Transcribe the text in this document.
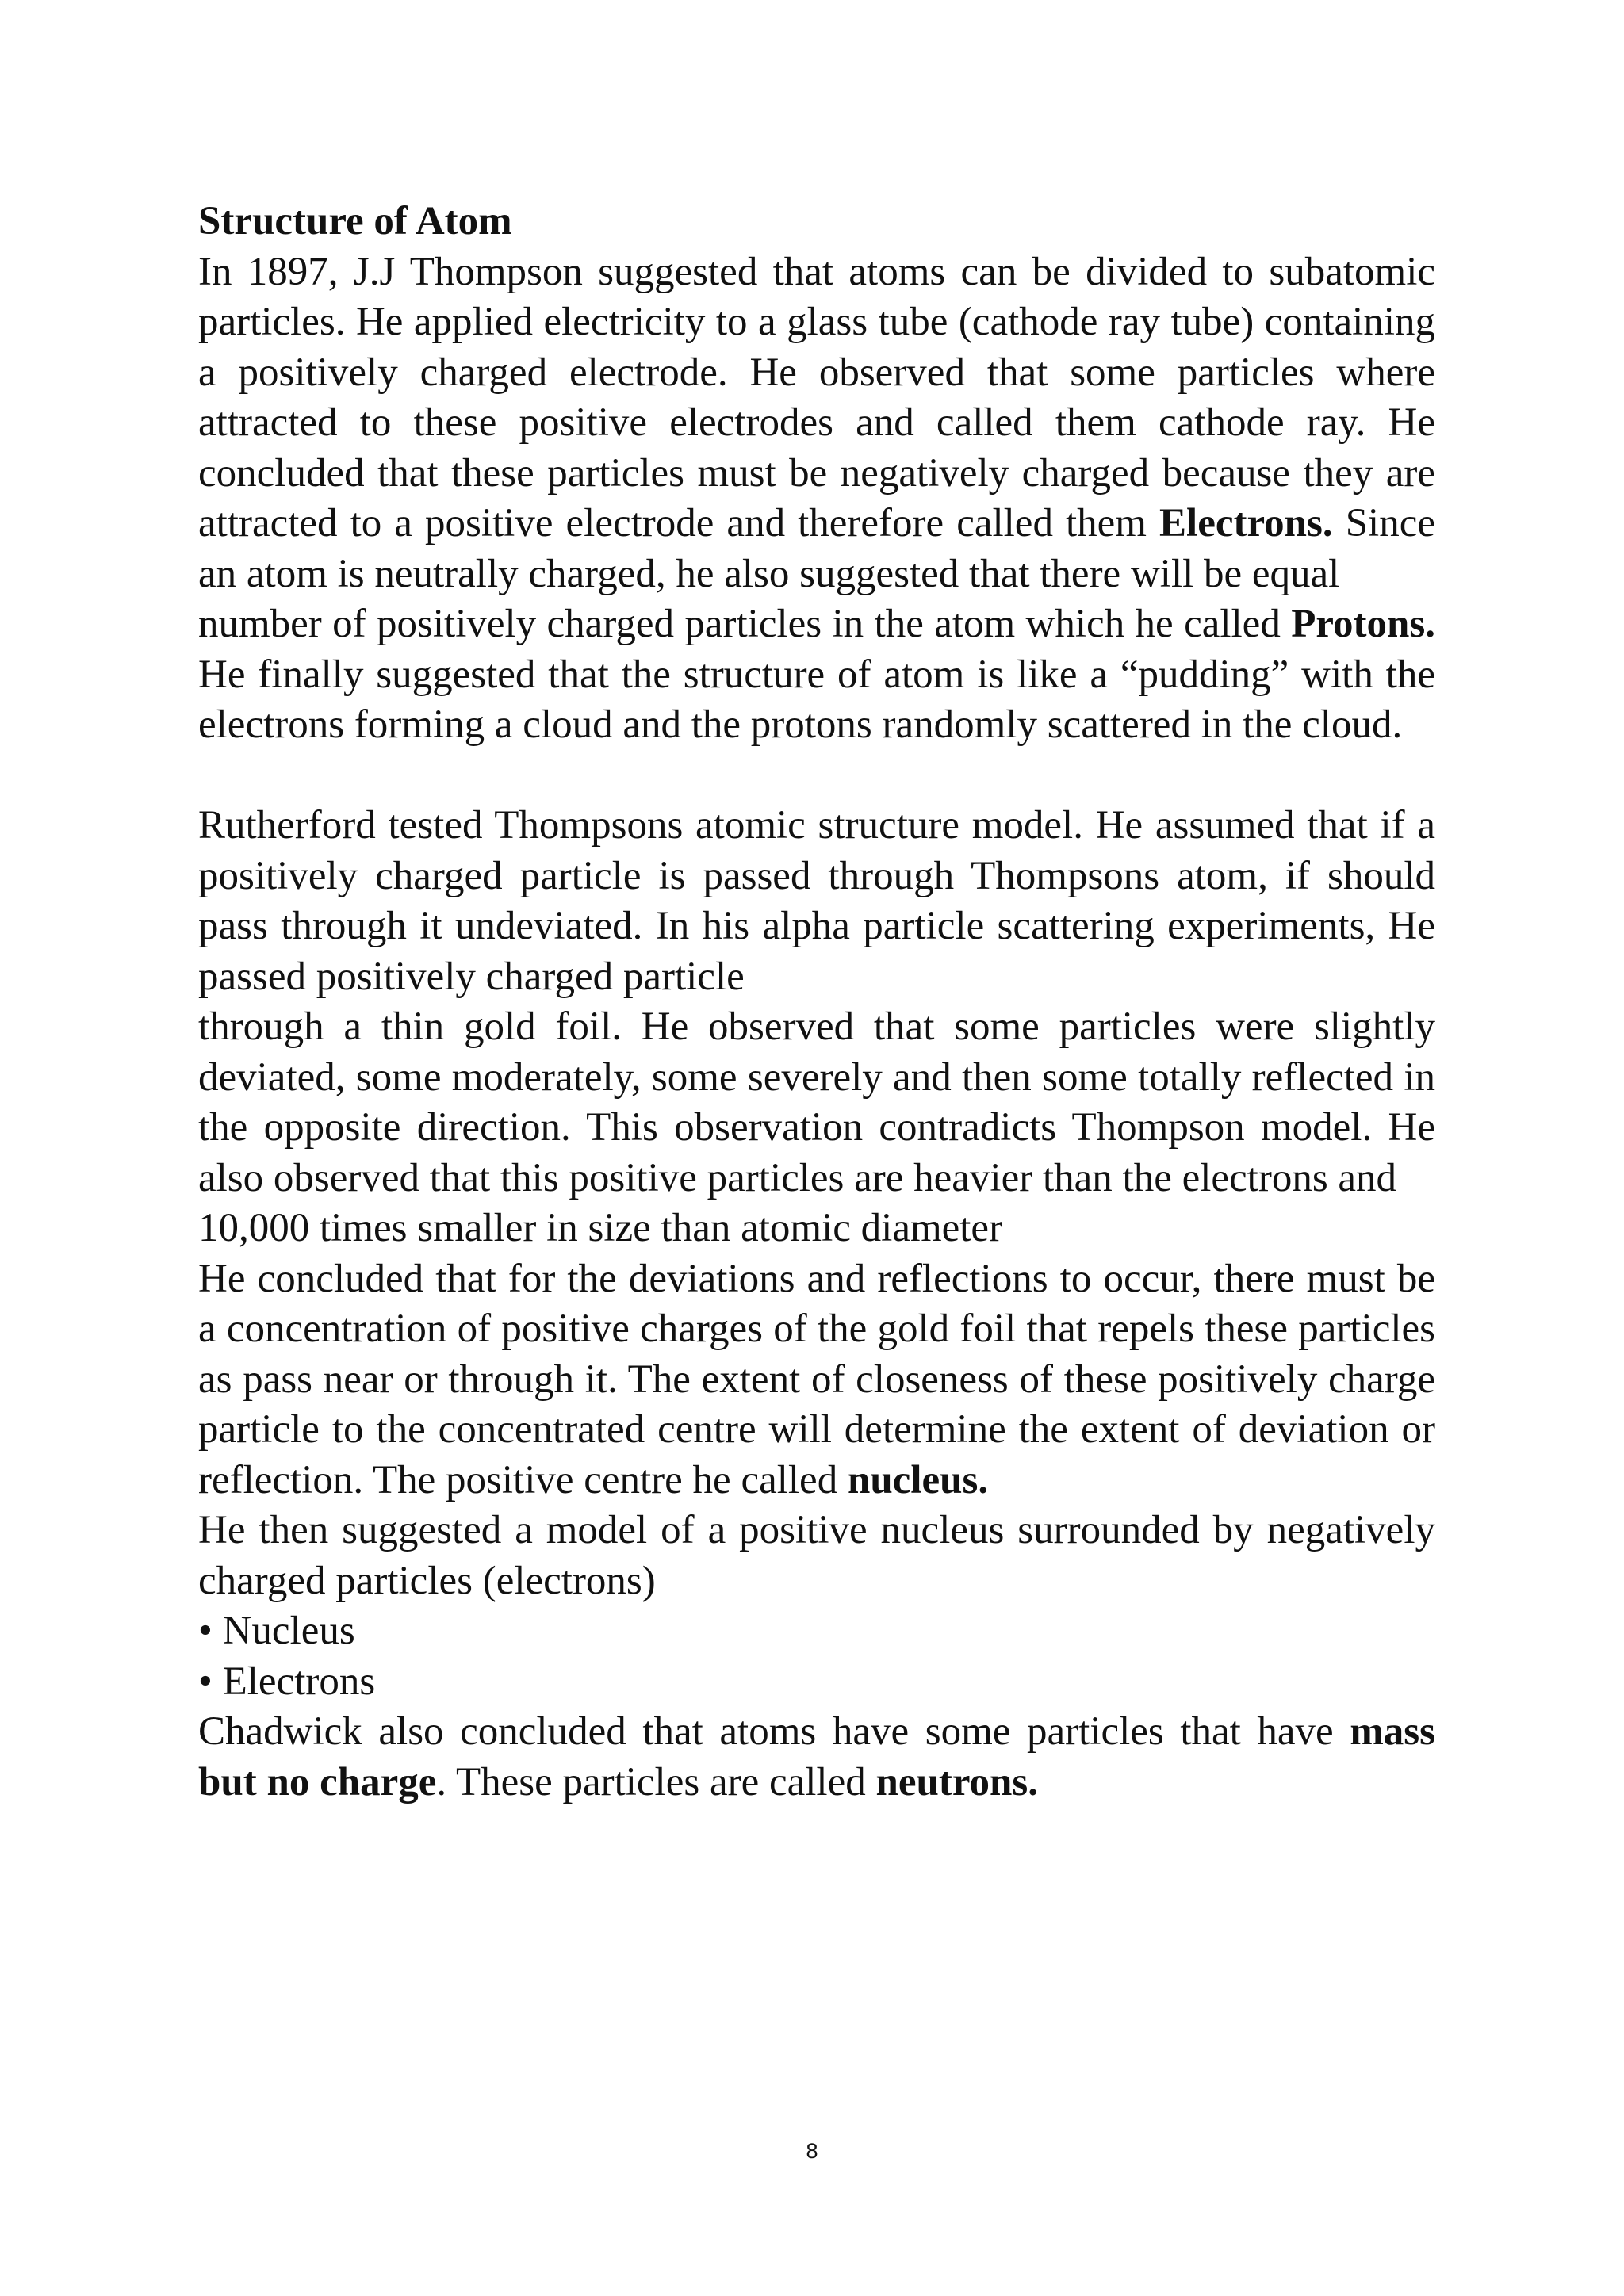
Structure of Atom

In 1897, J.J Thompson suggested that atoms can be divided to subatomic particles. He applied electricity to a glass tube (cathode ray tube) containing a positively charged electrode. He observed that some particles where attracted to these positive electrodes and called them cathode ray. He concluded that these particles must be negatively charged because they are attracted to a positive electrode and therefore called them Electrons. Since an atom is neutrally charged, he also suggested that there will be equal

number of positively charged particles in the atom which he called Protons. He finally suggested that the structure of atom is like a “pudding” with the electrons forming a cloud and the protons randomly scattered in the cloud.

Rutherford tested Thompsons atomic structure model. He assumed that if a positively charged particle is passed through Thompsons atom, if should pass through it undeviated. In his alpha particle scattering experiments, He passed positively charged particle

through a thin gold foil. He observed that some particles were slightly deviated, some moderately, some severely and then some totally reflected in the opposite direction. This observation contradicts Thompson model. He also observed that this positive particles are heavier than the electrons and

10,000 times smaller in size than atomic diameter

He concluded that for the deviations and reflections to occur, there must be a concentration of positive charges of the gold foil that repels these particles as pass near or through it. The extent of closeness of these positively charge particle to the concentrated centre will determine the extent of deviation or reflection. The positive centre he called nucleus.

He then suggested a model of a positive nucleus surrounded by negatively charged particles (electrons)

• Nucleus

• Electrons

Chadwick also concluded that atoms have some particles that have mass but no charge. These particles are called neutrons.

8
